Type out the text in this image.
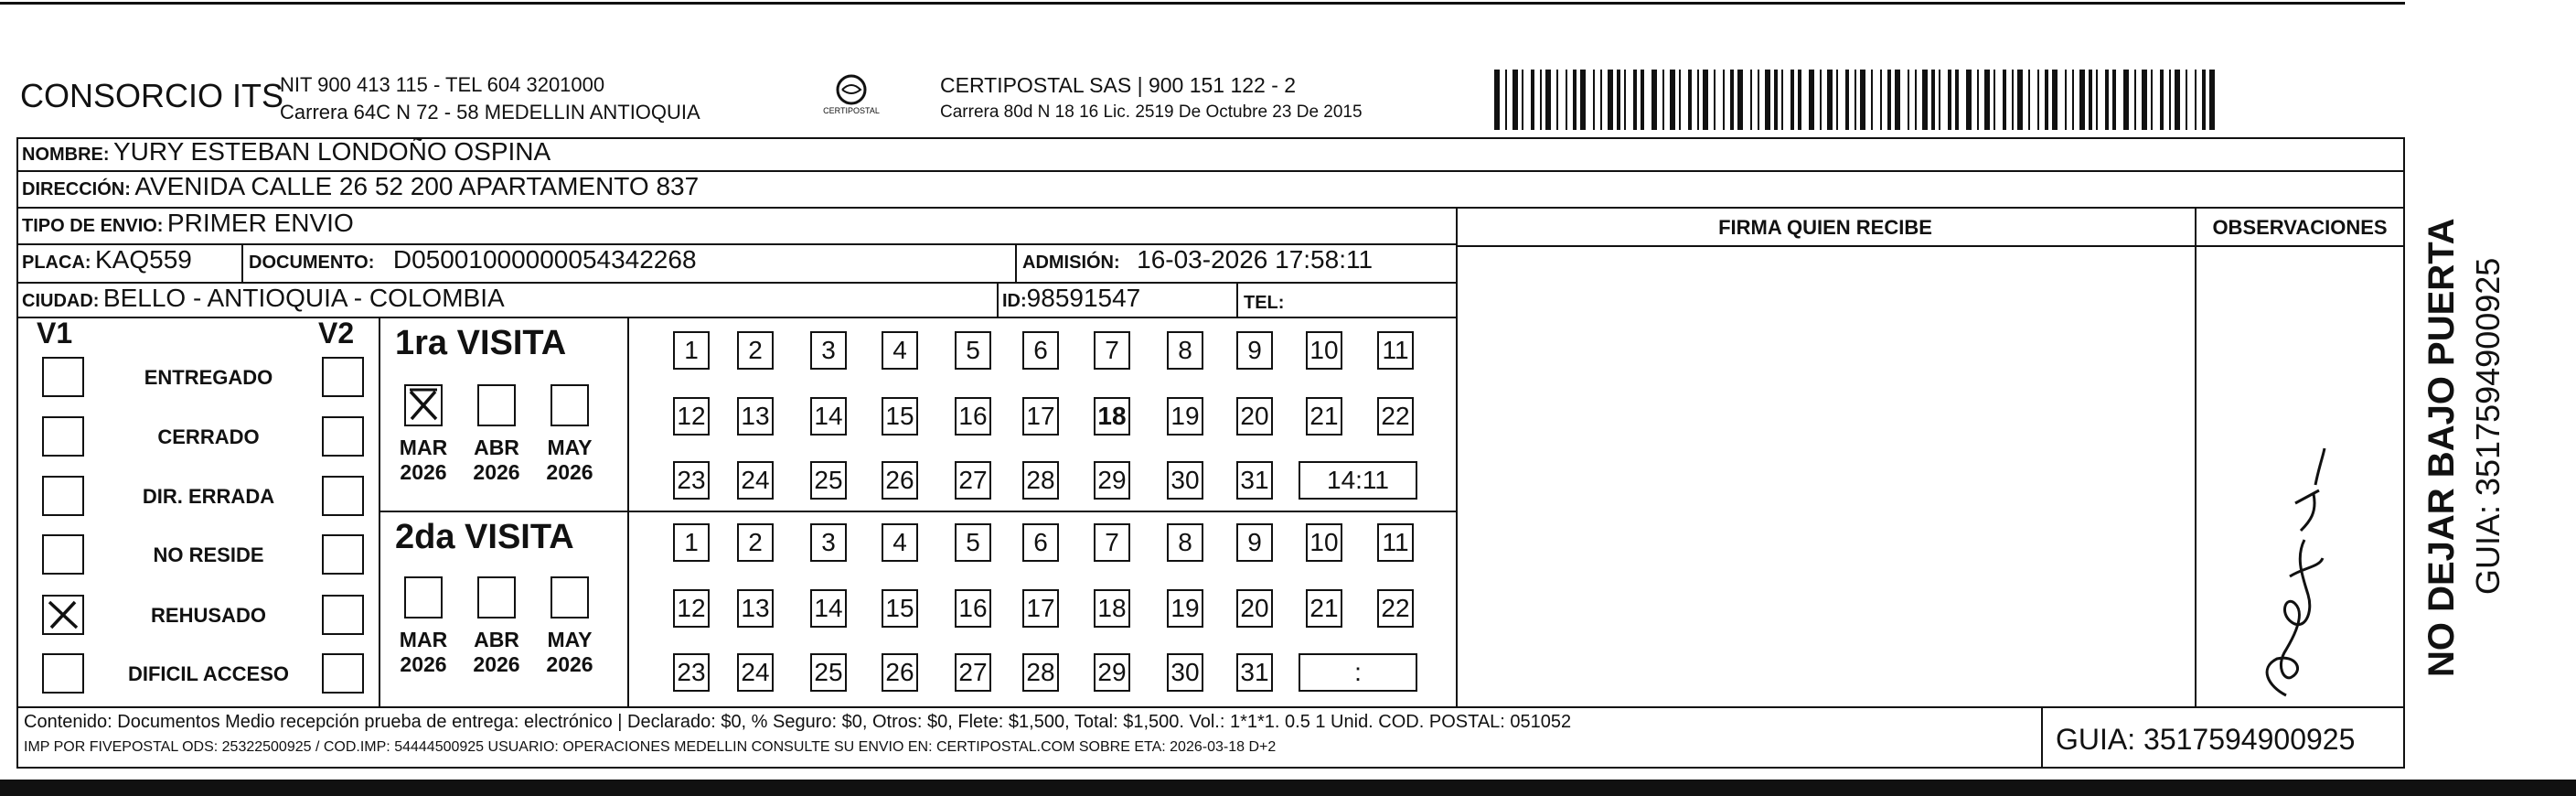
CONSORCIO ITS
NIT 900 413 115 - TEL 604 3201000
Carrera 64C N 72 - 58 MEDELLIN ANTIOQUIA	CERTIPOSTAL
CERTIPOSTAL SAS | 900 151 122 - 2
Carrera 80d N 18 16 Lic. 2519 De Octubre 23 De 2015
NOMBRE: YURY ESTEBAN LONDOÑO OSPINA
DIRECCIÓN: AVENIDA CALLE 26 52 200 APARTAMENTO 837
TIPO DE ENVIO: PRIMER ENVIO
PLACA: KAQ559	DOCUMENTO: D05001000000054342268	ADMISIÓN: 16-03-2026 17:58:11
CIUDAD: BELLO - ANTIOQUIA - COLOMBIA	ID:98591547	TEL:
FIRMA QUIEN RECIBE	OBSERVACIONES
V1	V2
ENTREGADO
CERRADO
DIR. ERRADA
NO RESIDE
REHUSADO
DIFICIL ACCESO
1ra VISITA
2da VISITA
MAR
2026
ABR
2026
MAY
2026
MAR
2026
ABR
2026
MAY
2026
1	2	3	4	5	6	7	8	9	10 11
12 13 14 15 16 17 18 19 20 21 22
23 24 25 26 27 28 29 30 31	14:11
1	2	3	4	5	6	7	8	9	10 11
12 13 14 15 16 17 18 19 20 21 22
23 24 25 26 27 28 29 30 31	:	NO DEJAR BAJO PUERTA GUIA: 3517594900925
Contenido: Documentos Medio recepción prueba de entrega: electrónico | Declarado: $0, % Seguro: $0, Otros: $0, Flete: $1,500, Total: $1,500. Vol.: 1*1*1. 0.5 1 Unid. COD. POSTAL: 051052
IMP POR FIVEPOSTAL ODS: 25322500925 / COD.IMP: 54444500925 USUARIO: OPERACIONES MEDELLIN CONSULTE SU ENVIO EN: CERTIPOSTAL.COM SOBRE ETA: 2026-03-18 D+2	GUIA: 3517594900925
